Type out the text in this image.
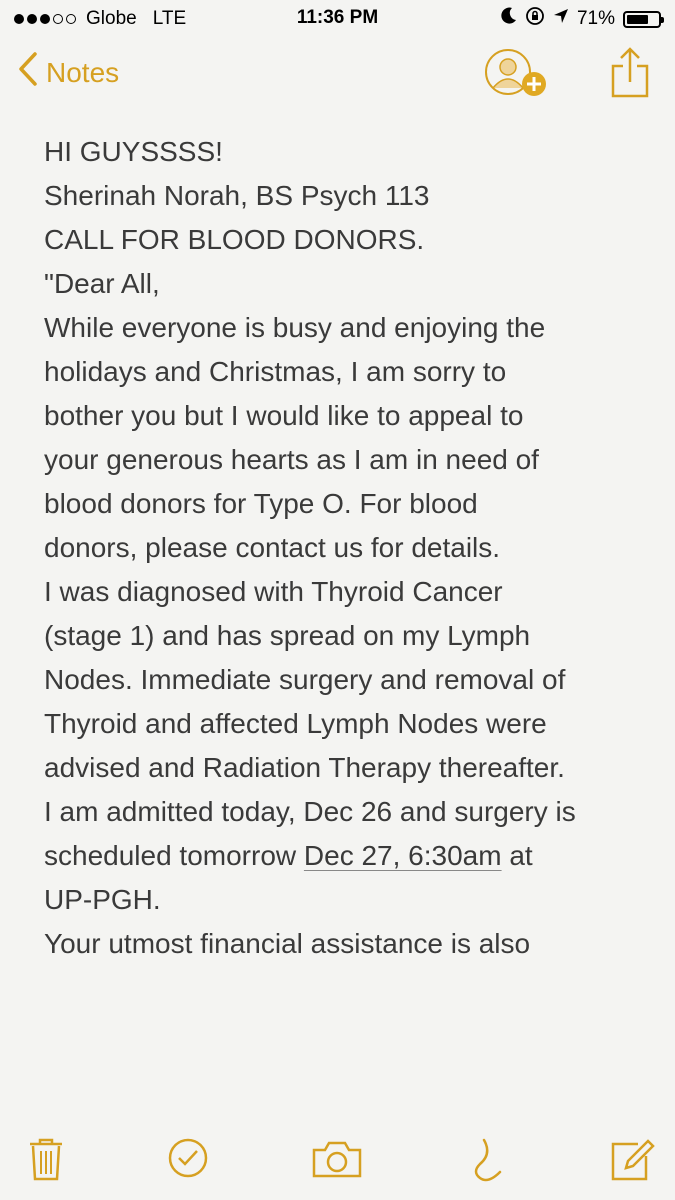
Globe LTE	11:36 PM	71%
Notes

HI GUYSSSS!

Sherinah Norah, BS Psych 113

CALL FOR BLOOD DONORS.

"Dear All,

While everyone is busy and enjoying the

holidays and Christmas, I am sorry to

bother you but I would like to appeal to

your generous hearts as I am in need of

blood donors for Type O. For blood

donors, please contact us for details.

I was diagnosed with Thyroid Cancer

(stage 1) and has spread on my Lymph

Nodes. Immediate surgery and removal of

Thyroid and affected Lymph Nodes were

advised and Radiation Therapy thereafter.

I am admitted today, Dec 26 and surgery is

scheduled tomorrow Dec 27, 6:30am at

UP-PGH.

Your utmost financial assistance is also
